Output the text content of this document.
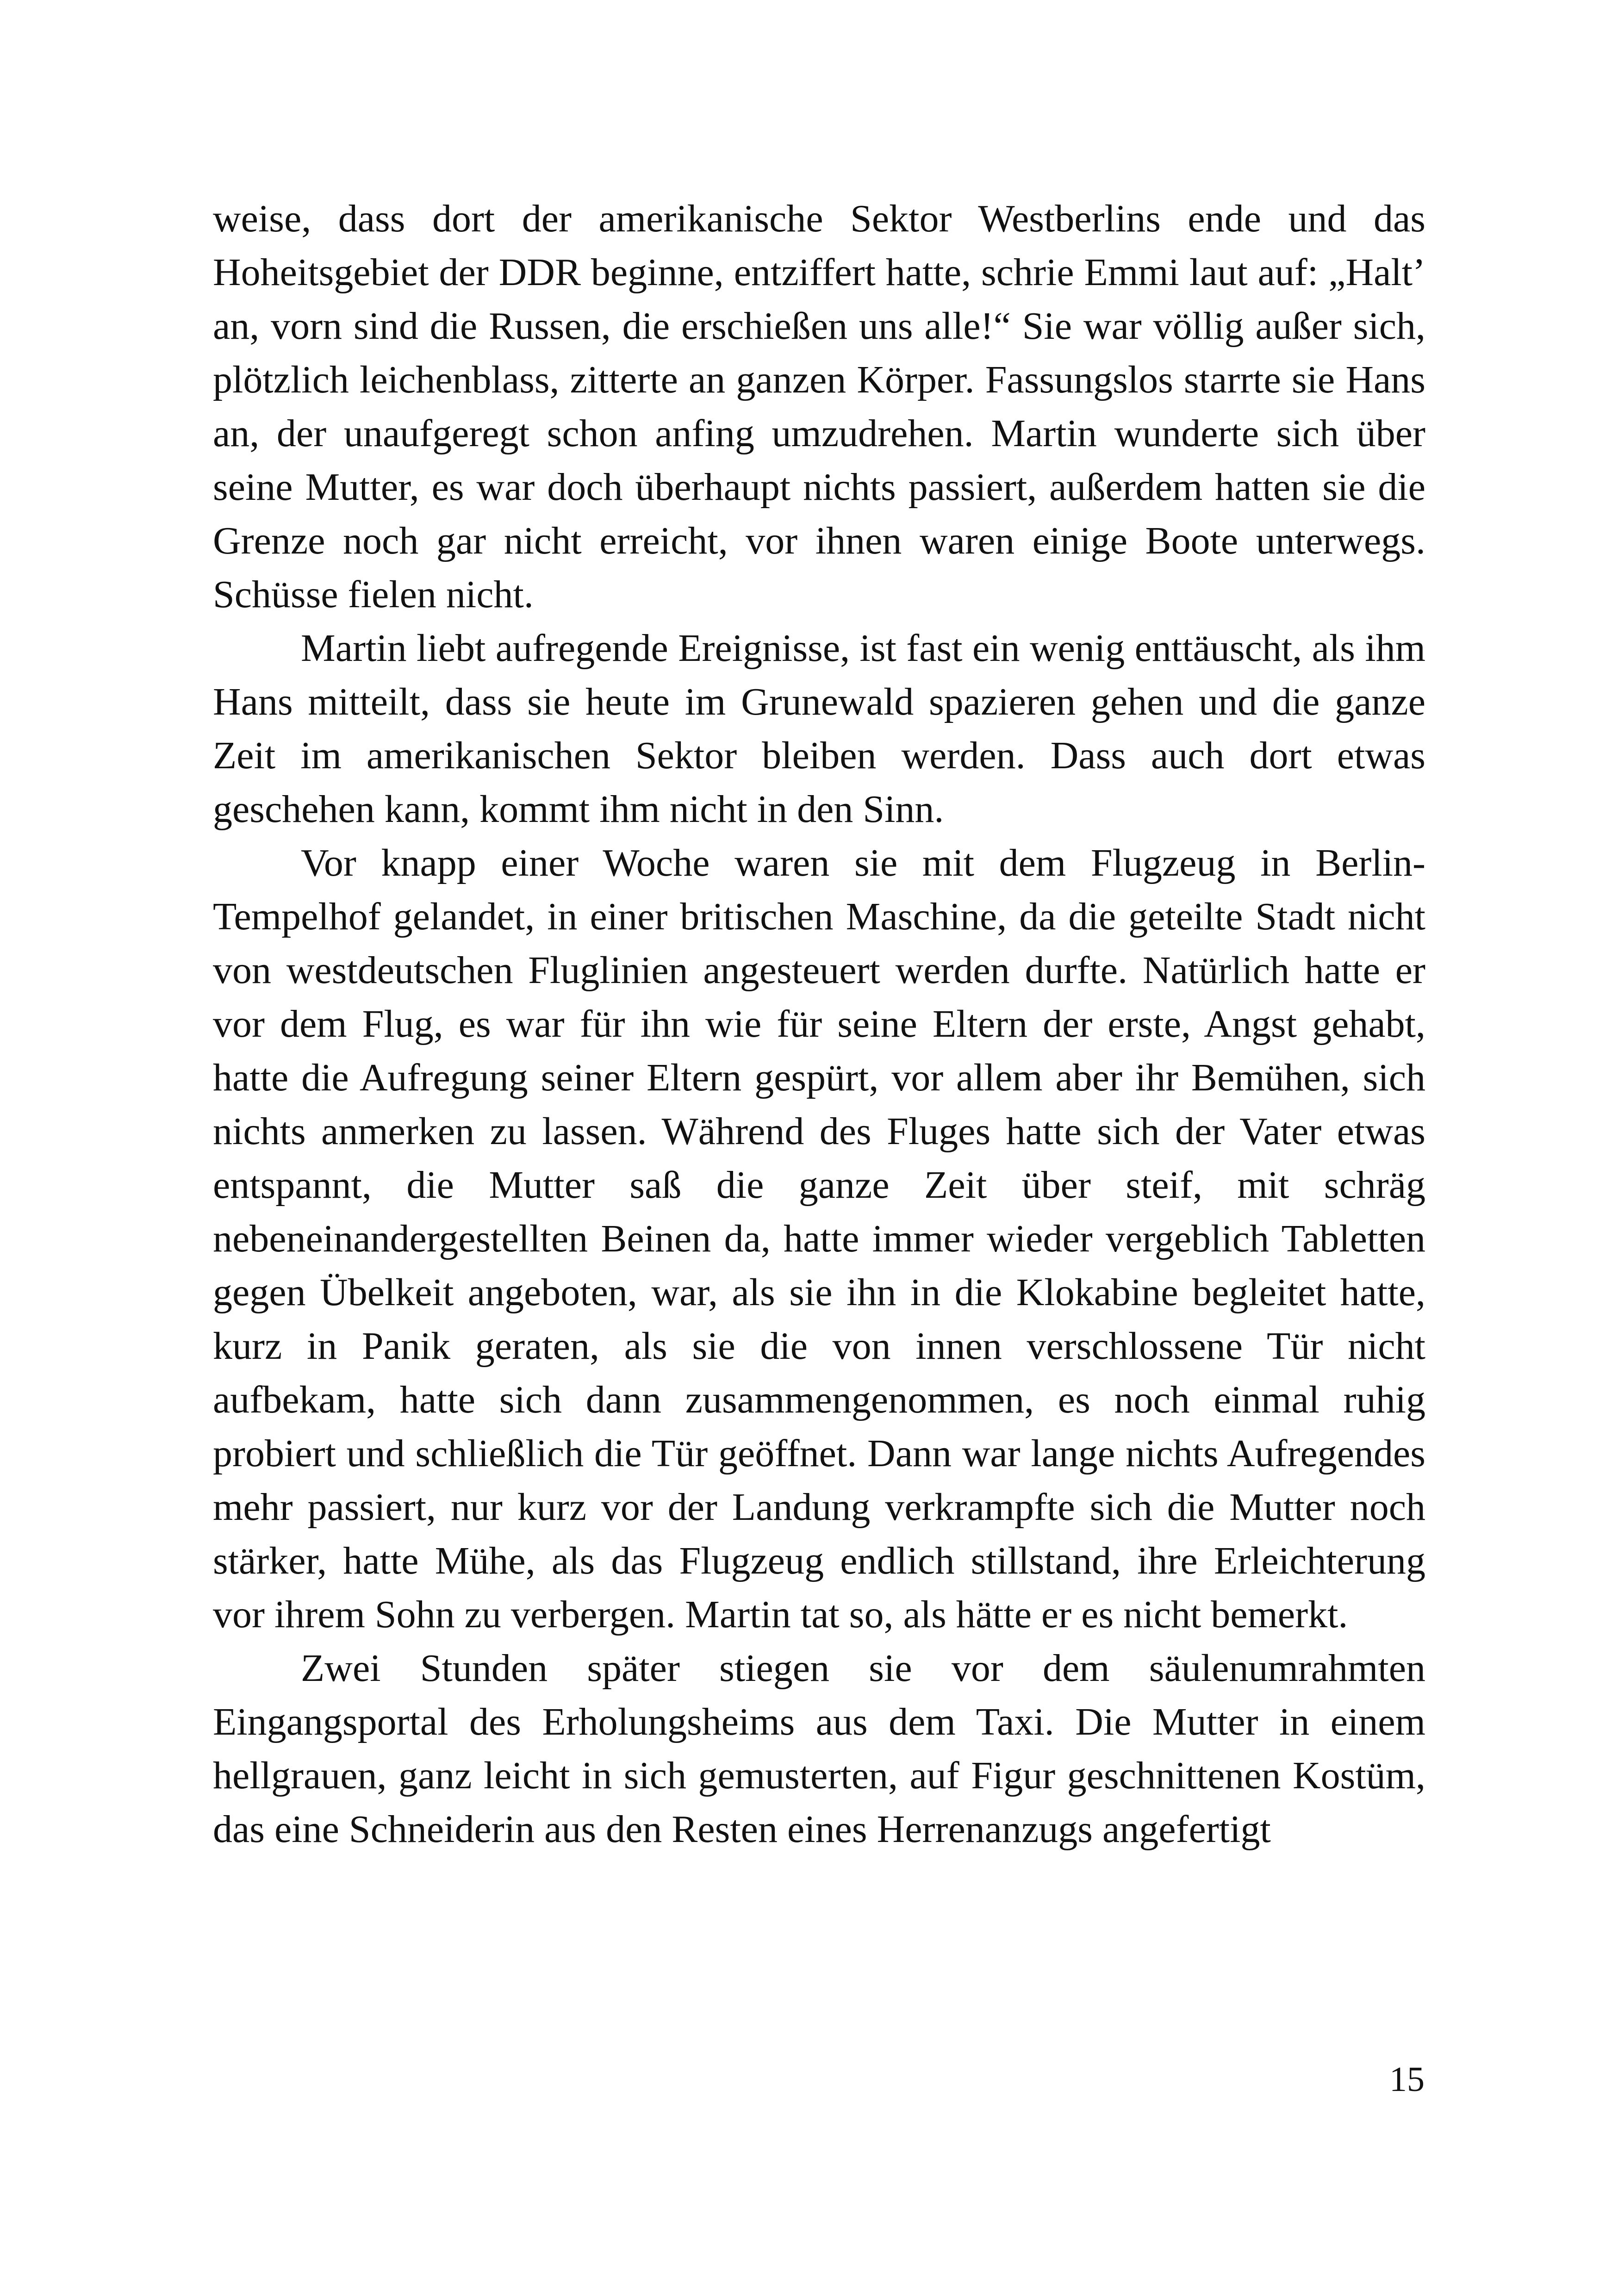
weise, dass dort der amerikanische Sektor Westberlins ende und das Hoheitsgebiet der DDR beginne, entziffert hatte, schrie Emmi laut auf: „Halt’ an, vorn sind die Russen, die erschießen uns alle!“ Sie war völlig außer sich, plötzlich leichenblass, zitterte an ganzen Körper. Fassungslos starrte sie Hans an, der unaufgeregt schon anfing umzudrehen. Martin wunderte sich über seine Mutter, es war doch überhaupt nichts passiert, außerdem hatten sie die Grenze noch gar nicht erreicht, vor ihnen waren einige Boote unterwegs. Schüsse fielen nicht.

Martin liebt aufregende Ereignisse, ist fast ein wenig enttäuscht, als ihm Hans mitteilt, dass sie heute im Grunewald spazieren gehen und die ganze Zeit im amerikanischen Sektor bleiben werden. Dass auch dort etwas geschehen kann, kommt ihm nicht in den Sinn.

Vor knapp einer Woche waren sie mit dem Flugzeug in Berlin-Tempelhof gelandet, in einer britischen Maschine, da die geteilte Stadt nicht von westdeutschen Fluglinien angesteuert werden durfte. Natürlich hatte er vor dem Flug, es war für ihn wie für seine Eltern der erste, Angst gehabt, hatte die Aufregung seiner Eltern gespürt, vor allem aber ihr Bemühen, sich nichts anmerken zu lassen. Während des Fluges hatte sich der Vater etwas entspannt, die Mutter saß die ganze Zeit über steif, mit schräg nebeneinandergestellten Beinen da, hatte immer wieder vergeblich Tabletten gegen Übelkeit angeboten, war, als sie ihn in die Klokabine begleitet hatte, kurz in Panik geraten, als sie die von innen verschlossene Tür nicht aufbekam, hatte sich dann zusammengenommen, es noch einmal ruhig probiert und schließlich die Tür geöffnet. Dann war lange nichts Aufregendes mehr passiert, nur kurz vor der Landung verkrampfte sich die Mutter noch stärker, hatte Mühe, als das Flugzeug endlich stillstand, ihre Erleichterung vor ihrem Sohn zu verbergen. Martin tat so, als hätte er es nicht bemerkt.

Zwei Stunden später stiegen sie vor dem säulenumrahmten Eingangsportal des Erholungsheims aus dem Taxi. Die Mutter in einem hellgrauen, ganz leicht in sich gemusterten, auf Figur geschnittenen Kostüm, das eine Schneiderin aus den Resten eines Herrenanzugs angefertigt

15
